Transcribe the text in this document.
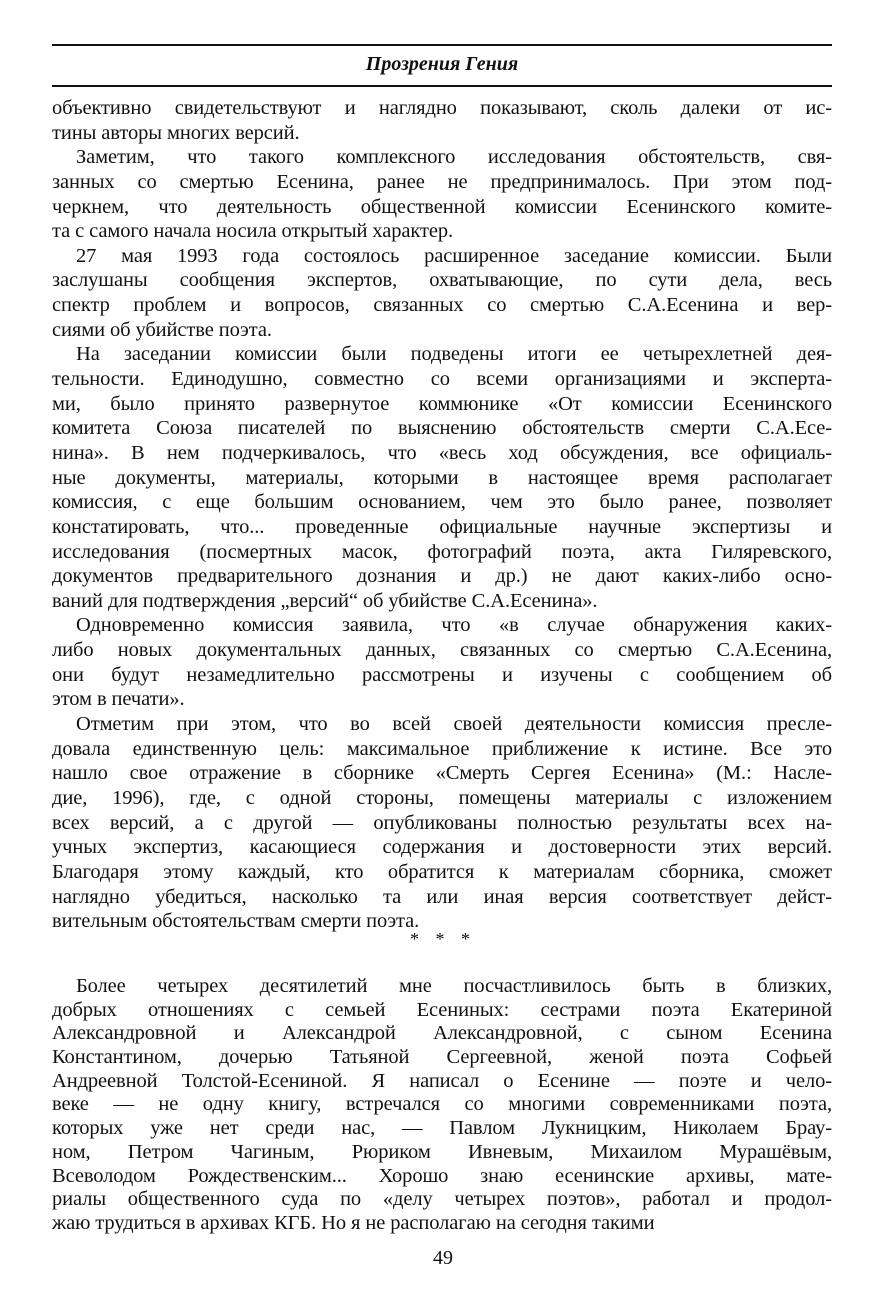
Прозрения Гения
объективно свидетельствуют и наглядно показывают, сколь далеки от ис-
тины авторы многих версий.
Заметим, что такого комплексного исследования обстоятельств, свя-
занных со смертью Есенина, ранее не предпринималось. При этом под-
черкнем, что деятельность общественной комиссии Есенинского комите-
та с самого начала носила открытый характер.
27 мая 1993 года состоялось расширенное заседание комиссии. Были
заслушаны сообщения экспертов, охватывающие, по сути дела, весь
спектр проблем и вопросов, связанных со смертью С.А.Есенина и вер-
сиями об убийстве поэта.
На заседании комиссии были подведены итоги ее четырехлетней дея-
тельности. Единодушно, совместно со всеми организациями и эксперта-
ми, было принято развернутое коммюнике «От комиссии Есенинского
комитета Союза писателей по выяснению обстоятельств смерти С.А.Есе-
нина». В нем подчеркивалось, что «весь ход обсуждения, все официаль-
ные документы, материалы, которыми в настоящее время располагает
комиссия, с еще большим основанием, чем это было ранее, позволяет
констатировать, что... проведенные официальные научные экспертизы и
исследования (посмертных масок, фотографий поэта, акта Гиляревского,
документов предварительного дознания и др.) не дают каких-либо осно-
ваний для подтверждения „версий“ об убийстве С.А.Есенина».
Одновременно комиссия заявила, что «в случае обнаружения каких-
либо новых документальных данных, связанных со смертью С.А.Есенина,
они будут незамедлительно рассмотрены и изучены с сообщением об
этом в печати».
Отметим при этом, что во всей своей деятельности комиссия пресле-
довала единственную цель: максимальное приближение к истине. Все это
нашло свое отражение в сборнике «Смерть Сергея Есенина» (М.: Насле-
дие, 1996), где, с одной стороны, помещены материалы с изложением
всех версий, а с другой — опубликованы полностью результаты всех на-
учных экспертиз, касающиеся содержания и достоверности этих версий.
Благодаря этому каждый, кто обратится к материалам сборника, сможет
наглядно убедиться, насколько та или иная версия соответствует дейст-
вительным обстоятельствам смерти поэта.
* * *
Более четырех десятилетий мне посчастливилось быть в близких,
добрых отношениях с семьей Есениных: сестрами поэта Екатериной
Александровной и Александрой Александровной, с сыном Есенина
Константином, дочерью Татьяной Сергеевной, женой поэта Софьей
Андреевной Толстой-Есениной. Я написал о Есенине — поэте и чело-
веке — не одну книгу, встречался со многими современниками поэта,
которых уже нет среди нас, — Павлом Лукницким, Николаем Брау-
ном, Петром Чагиным, Рюриком Ивневым, Михаилом Мурашёвым,
Всеволодом Рождественским... Хорошо знаю есенинские архивы, мате-
риалы общественного суда по «делу четырех поэтов», работал и продол-
жаю трудиться в архивах КГБ. Но я не располагаю на сегодня такими
49
